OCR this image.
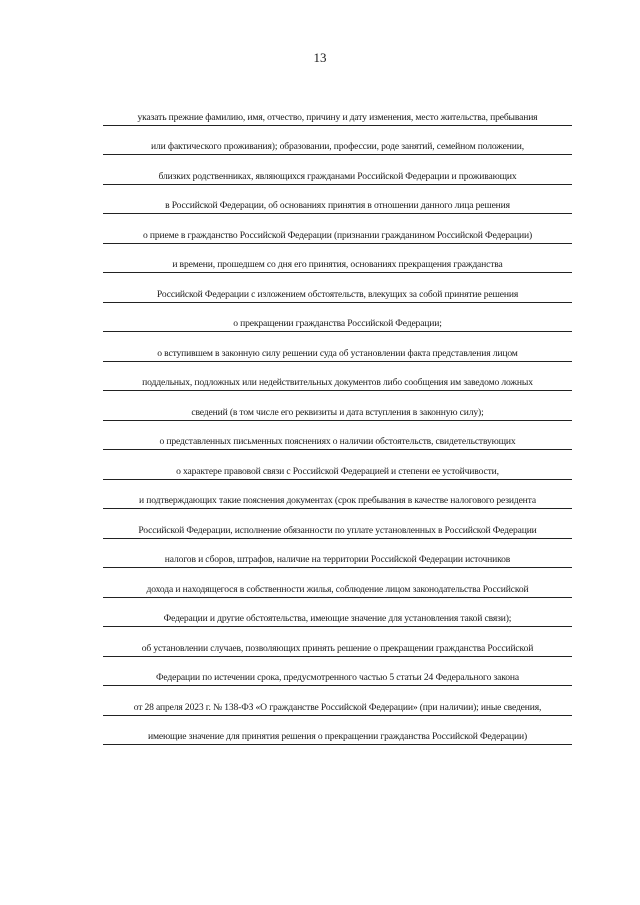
13
указать прежние фамилию, имя, отчество, причину и дату изменения, место жительства, пребывания
или фактического проживания); образовании, профессии, роде занятий, семейном положении,
близких родственниках, являющихся гражданами Российской Федерации и проживающих
в Российской Федерации, об основаниях принятия в отношении данного лица решения
о приеме в гражданство Российской Федерации (признании гражданином Российской Федерации)
и времени, прошедшем со дня его принятия, основаниях прекращения гражданства
Российской Федерации с изложением обстоятельств, влекущих за собой принятие решения
о прекращении гражданства Российской Федерации;
о вступившем в законную силу решении суда об установлении факта представления лицом
поддельных, подложных или недействительных документов либо сообщения им заведомо ложных
сведений (в том числе его реквизиты и дата вступления в законную силу);
о представленных письменных пояснениях о наличии обстоятельств, свидетельствующих
о характере правовой связи с Российской Федерацией и степени ее устойчивости,
и подтверждающих такие пояснения документах (срок пребывания в качестве налогового резидента
Российской Федерации, исполнение обязанности по уплате установленных в Российской Федерации
налогов и сборов, штрафов, наличие на территории Российской Федерации источников
дохода и находящегося в собственности жилья, соблюдение лицом законодательства Российской
Федерации и другие обстоятельства, имеющие значение для установления такой связи);
об установлении случаев, позволяющих принять решение о прекращении гражданства Российской
Федерации по истечении срока, предусмотренного частью 5 статьи 24 Федерального закона
от 28 апреля 2023 г. № 138-ФЗ «О гражданстве Российской Федерации» (при наличии); иные сведения,
имеющие значение для принятия решения о прекращении гражданства Российской Федерации)
